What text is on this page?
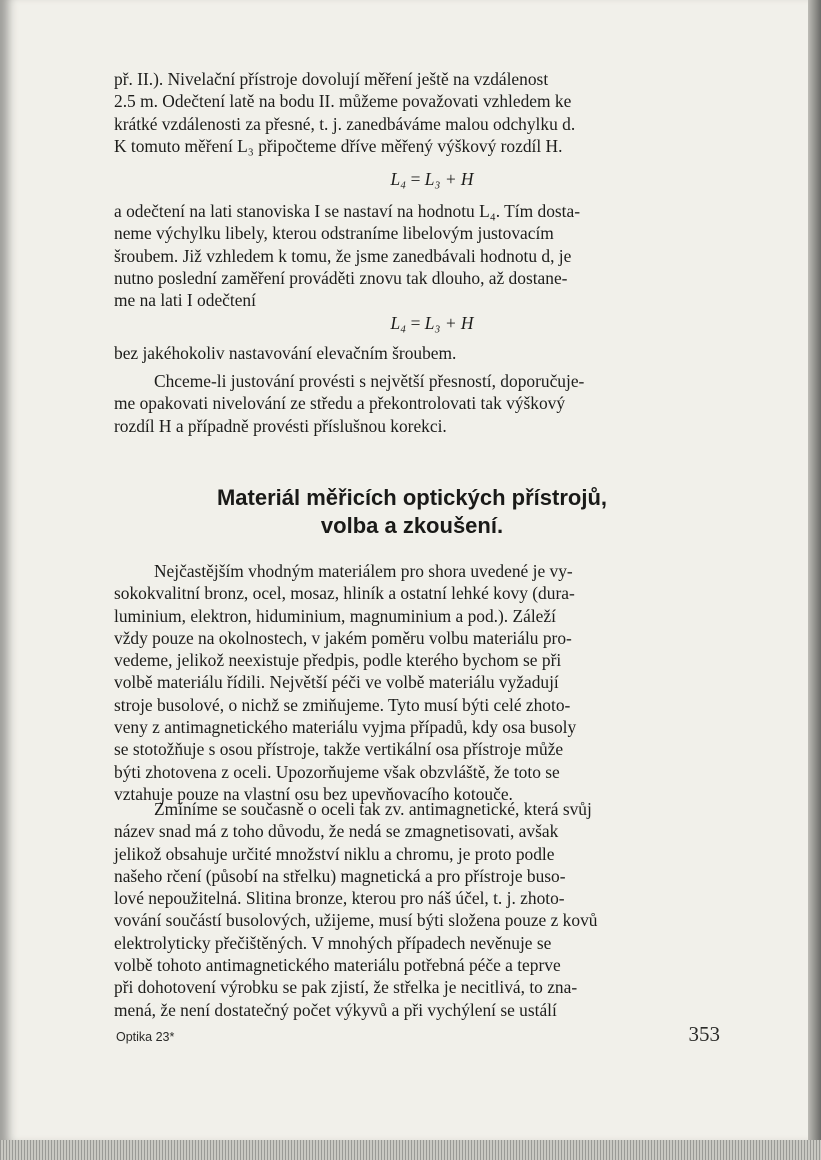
př. II.). Nivelační přístroje dovolují měření ještě na vzdálenost

2.5 m. Odečtení latě na bodu II. můžeme považovati vzhledem ke

krátké vzdálenosti za přesné, t. j. zanedbáváme malou odchylku d.

K tomuto měření L₃ připočteme dříve měřený výškový rozdíl H.

L₄ = L₃ + H

a odečtení na lati stanoviska I se nastaví na hodnotu L₄. Tím dosta-

neme výchylku libely, kterou odstraníme libelovým justovacím

šroubem. Již vzhledem k tomu, že jsme zanedbávali hodnotu d, je

nutno poslední zaměření prováděti znovu tak dlouho, až dostane-

me na lati I odečtení

L₄ = L₃ + H

bez jakéhokoliv nastavování elevačním šroubem.

Chceme-li justování provésti s největší přesností, doporučuje-

me opakovati nivelování ze středu a překontrolovati tak výškový

rozdíl H a případně provésti příslušnou korekci.

Materiál měřicích optických přístrojů,
volba a zkoušení.

Nejčastějším vhodným materiálem pro shora uvedené je vy-

sokokvalitní bronz, ocel, mosaz, hliník a ostatní lehké kovy (dura-

luminium, elektron, hiduminium, magnuminium a pod.). Záleží

vždy pouze na okolnostech, v jakém poměru volbu materiálu pro-

vedeme, jelikož neexistuje předpis, podle kterého bychom se při

volbě materiálu řídili. Největší péči ve volbě materiálu vyžadují

stroje busolové, o nichž se zmiňujeme. Tyto musí býti celé zhoto-

veny z antimagnetického materiálu vyjma případů, kdy osa busoly

se stotožňuje s osou přístroje, takže vertikální osa přístroje může

býti zhotovena z oceli. Upozorňujeme však obzvláště, že toto se

vztahuje pouze na vlastní osu bez upevňovacího kotouče.

Zmíníme se současně o oceli tak zv. antimagnetické, která svůj

název snad má z toho důvodu, že nedá se zmagnetisovati, avšak

jelikož obsahuje určité množství niklu a chromu, je proto podle

našeho rčení (působí na střelku) magnetická a pro přístroje buso-

lové nepoužitelná. Slitina bronze, kterou pro náš účel, t. j. zhoto-

vování součástí busolových, užijeme, musí býti složena pouze z kovů

elektrolyticky přečištěných. V mnohých případech nevěnuje se

volbě tohoto antimagnetického materiálu potřebná péče a teprve

při dohotovení výrobku se pak zjistí, že střelka je necitlivá, to zna-

mená, že není dostatečný počet výkyvů a při vychýlení se ustálí

Optika 23*	353
